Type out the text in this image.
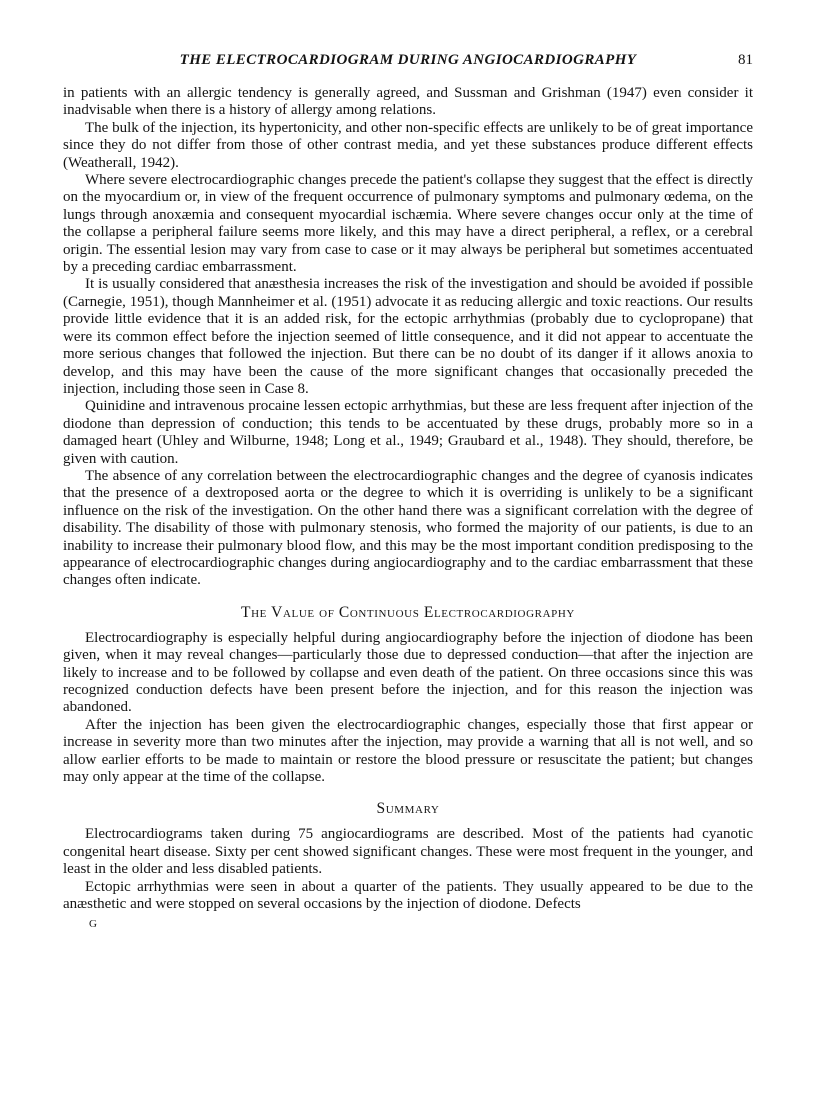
THE ELECTROCARDIOGRAM DURING ANGIOCARDIOGRAPHY	81

in patients with an allergic tendency is generally agreed, and Sussman and Grishman (1947) even consider it inadvisable when there is a history of allergy among relations.

The bulk of the injection, its hypertonicity, and other non-specific effects are unlikely to be of great importance since they do not differ from those of other contrast media, and yet these substances produce different effects (Weatherall, 1942).

Where severe electrocardiographic changes precede the patient's collapse they suggest that the effect is directly on the myocardium or, in view of the frequent occurrence of pulmonary symptoms and pulmonary œdema, on the lungs through anoxæmia and consequent myocardial ischæmia. Where severe changes occur only at the time of the collapse a peripheral failure seems more likely, and this may have a direct peripheral, a reflex, or a cerebral origin. The essential lesion may vary from case to case or it may always be peripheral but sometimes accentuated by a preceding cardiac embarrassment.

It is usually considered that anæsthesia increases the risk of the investigation and should be avoided if possible (Carnegie, 1951), though Mannheimer et al. (1951) advocate it as reducing allergic and toxic reactions. Our results provide little evidence that it is an added risk, for the ectopic arrhythmias (probably due to cyclopropane) that were its common effect before the injection seemed of little consequence, and it did not appear to accentuate the more serious changes that followed the injection. But there can be no doubt of its danger if it allows anoxia to develop, and this may have been the cause of the more significant changes that occasionally preceded the injection, including those seen in Case 8.

Quinidine and intravenous procaine lessen ectopic arrhythmias, but these are less frequent after injection of the diodone than depression of conduction; this tends to be accentuated by these drugs, probably more so in a damaged heart (Uhley and Wilburne, 1948; Long et al., 1949; Graubard et al., 1948). They should, therefore, be given with caution.

The absence of any correlation between the electrocardiographic changes and the degree of cyanosis indicates that the presence of a dextroposed aorta or the degree to which it is overriding is unlikely to be a significant influence on the risk of the investigation. On the other hand there was a significant correlation with the degree of disability. The disability of those with pulmonary stenosis, who formed the majority of our patients, is due to an inability to increase their pulmonary blood flow, and this may be the most important condition predisposing to the appearance of electrocardiographic changes during angiocardiography and to the cardiac embarrassment that these changes often indicate.

The Value of Continuous Electrocardiography

Electrocardiography is especially helpful during angiocardiography before the injection of diodone has been given, when it may reveal changes—particularly those due to depressed conduction—that after the injection are likely to increase and to be followed by collapse and even death of the patient. On three occasions since this was recognized conduction defects have been present before the injection, and for this reason the injection was abandoned.

After the injection has been given the electrocardiographic changes, especially those that first appear or increase in severity more than two minutes after the injection, may provide a warning that all is not well, and so allow earlier efforts to be made to maintain or restore the blood pressure or resuscitate the patient; but changes may only appear at the time of the collapse.

Summary

Electrocardiograms taken during 75 angiocardiograms are described. Most of the patients had cyanotic congenital heart disease. Sixty per cent showed significant changes. These were most frequent in the younger, and least in the older and less disabled patients.

Ectopic arrhythmias were seen in about a quarter of the patients. They usually appeared to be due to the anæsthetic and were stopped on several occasions by the injection of diodone. Defects

G
